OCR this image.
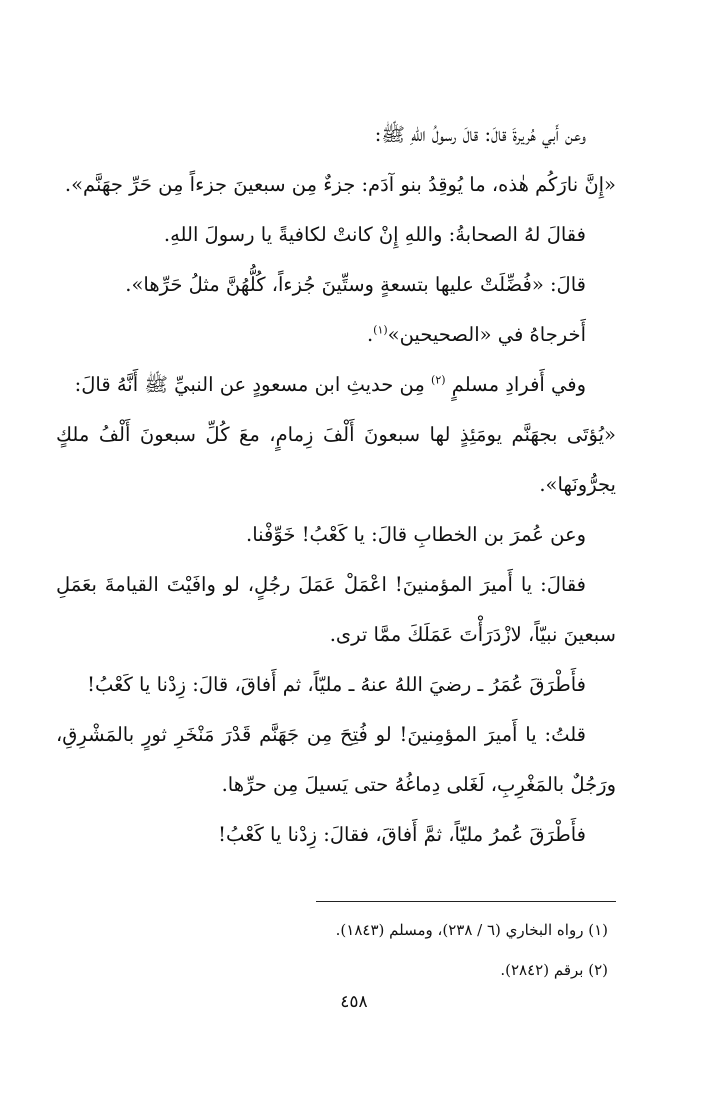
وعن أَبي هُريرةَ قالَ: قالَ رسولُ اللهِ ﷺ:

«إِنَّ نارَكُم هٰذه، ما يُوقِدُ بنو آدَم: جزءٌ مِن سبعينَ جزءاً مِن حَرِّ جهَنَّم».

فقالَ لهُ الصحابةُ: واللهِ إِنْ كانتْ لكافيةً يا رسولَ اللهِ.

قالَ: «فُضِّلَتْ عليها بتسعةٍ وستِّينَ جُزءاً، كُلُّهُنَّ مثلُ حَرِّها».

أَخرجاهُ في «الصحيحين»$^{(١)}$.

وفي أَفرادِ مسلمٍ $^{(٢)}$ مِن حديثِ ابن مسعودٍ عن النبيِّ ﷺ أَنَّهُ قالَ:

«يُؤتَى بجهَنَّم يومَئِذٍ لها سبعونَ أَلْفَ زِمامٍ، معَ كُلِّ سبعونَ أَلْفُ ملكٍ يجرُّونَها».

وعن عُمرَ بن الخطابِ قالَ: يا كَعْبُ! خَوِّفْنا.

فقالَ: يا أَميرَ المؤمنينَ! اعْمَلْ عَمَلَ رجُلٍ، لو وافَيْتَ القيامةَ بعَمَلِ سبعينَ نبيّاً، لازْدَرَأْتَ عَمَلَكَ ممَّا ترى.

فأَطْرَقَ عُمَرُ ـ رضيَ اللهُ عنهُ ـ مليّاً، ثم أَفاقَ، قالَ: زِدْنا يا كَعْبُ!

قلتُ: يا أَميرَ المؤمِنينَ! لو فُتِحَ مِن جَهَنَّم قَدْرَ مَنْخَرِ ثورٍ بالمَشْرِقِ، ورَجُلٌ بالمَغْرِبِ، لَغَلى دِماغُهُ حتى يَسيلَ مِن حرِّها.

فأَطْرَقَ عُمرُ مليّاً، ثمَّ أَفاقَ، فقالَ: زِدْنا يا كَعْبُ!

(١) رواه البخاري (٦ / ٢٣٨)، ومسلم (١٨٤٣).

(٢) برقم (٢٨٤٢).

٤٥٨
